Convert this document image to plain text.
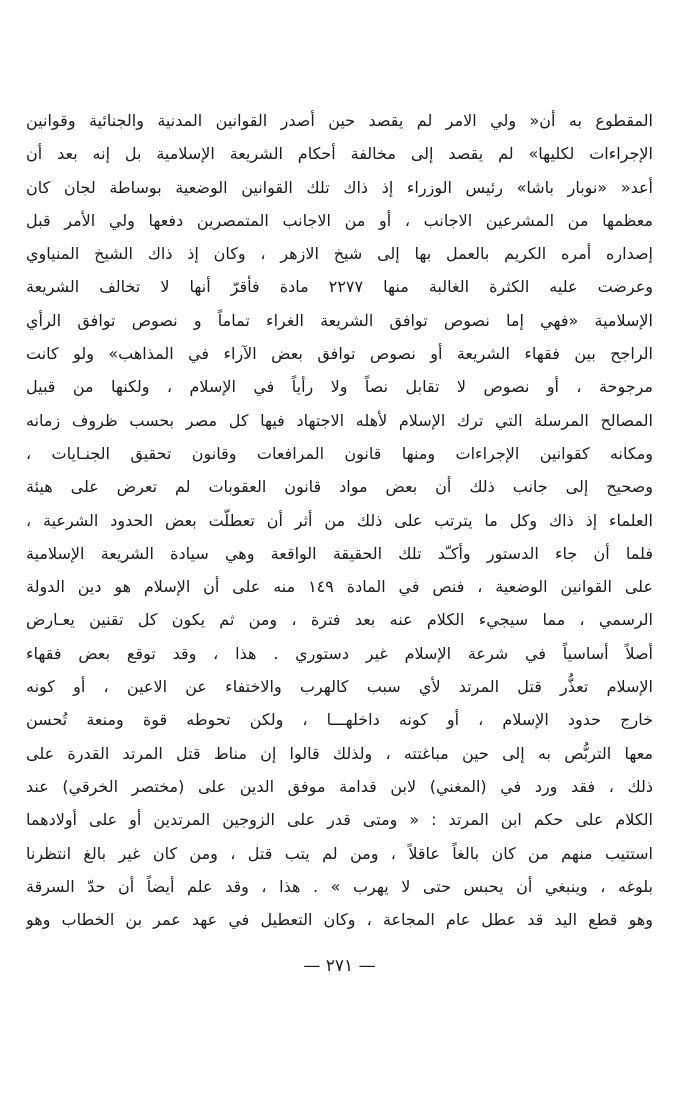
المقطوع به أن« ولي الامر لم يقصد حين أصدر القوانين المدنية والجنائية وقوانين
الإجراءات لكليها» لم يقصد إلى مخالفة أحكام الشريعة الإسلامية بل إنه بعد أن
أعد« «نوبار باشا» رئيس الوزراء إذ ذاك تلك القوانين الوضعية بوساطة لجان كان
معظمها من المشرعين الاجانب ، أو من الاجانب المتمصرين دفعها ولي الأمر قبل
إصداره أمره الكريم بالعمل بها إلى شيخ الازهر ، وكان إذ ذاك الشيخ المنياوي
وعرضت عليه الكثرة الغالبة منها ٢٢٧٧ مادة فأقرّ أنها لا تخالف الشريعة
الإسلامية «فهي إما نصوص توافق الشريعة الغراء تماماً و نصوص توافق الرأي
الراجح بين فقهاء الشريعة أو نصوص توافق بعض الآراء في المذاهب» ولو كانت
مرجوحة ، أو نصوص لا تقابل نصاً ولا رأياً في الإسلام ، ولكنها من قبيل
المصالح المرسلة التي ترك الإسلام لأهله الاجتهاد فيها كل مصر بحسب ظروف زمانه
ومكانه كقوانين الإجراءات ومنها قانون المرافعات وقانون تحقيق الجنـايات ،
وصحيح إلى جانب ذلك أن بعض مواد قانون العقوبات لم تعرض على هيئة
العلماء إذ ذاك وكل ما يترتب على ذلك من أثر أن تعطلّت بعض الحدود الشرعية ،
فلما أن جاء الدستور وأكـّد تلك الحقيقة الواقعة وهي سيادة الشريعة الإسلامية
على القوانين الوضعية ، فنص في المادة ١٤٩ منه على أن الإسلام هو دين الدولة
الرسمي ، مما سيجيء الكلام عنه بعد فترة ، ومن ثم يكون كل تقنين يعـارض
أصلاً أساسياً في شرعة الإسلام غير دستوري . هذا ، وقد توقع بعض فقهاء
الإسلام تعذُّر قتل المرتد لأي سبب كالهرب والاختفاء عن الاعين ، أو كونه
خارج حدود الإسلام ، أو كونه داخلهـــا ، ولكن تحوطه قوة ومنعة تُحسن
معها التربُّص به إلى حين مباغتته ، ولذلك قالوا إن مناط قتل المرتد القدرة على
ذلك ، فقد ورد في (المغني) لابن قدامة موفق الدين على (مختصر الخرقي) عند
الكلام على حكم ابن المرتد : « ومتى قدر على الزوجين المرتدين أو على أولادهما
استتيب منهم من كان بالغاً عاقلاً ، ومن لم يتب قتل ، ومن كان غير بالغ انتظرنا
بلوغه ، وينبغي أن يحبس حتى لا يهرب » . هذا ، وقد علم أيضاً أن حدّ السرقة
وهو قطع اليد قد عطل عام المجاعة ، وكان التعطيل في عهد عمر بن الخطاب وهو
— ٢٧١ —
